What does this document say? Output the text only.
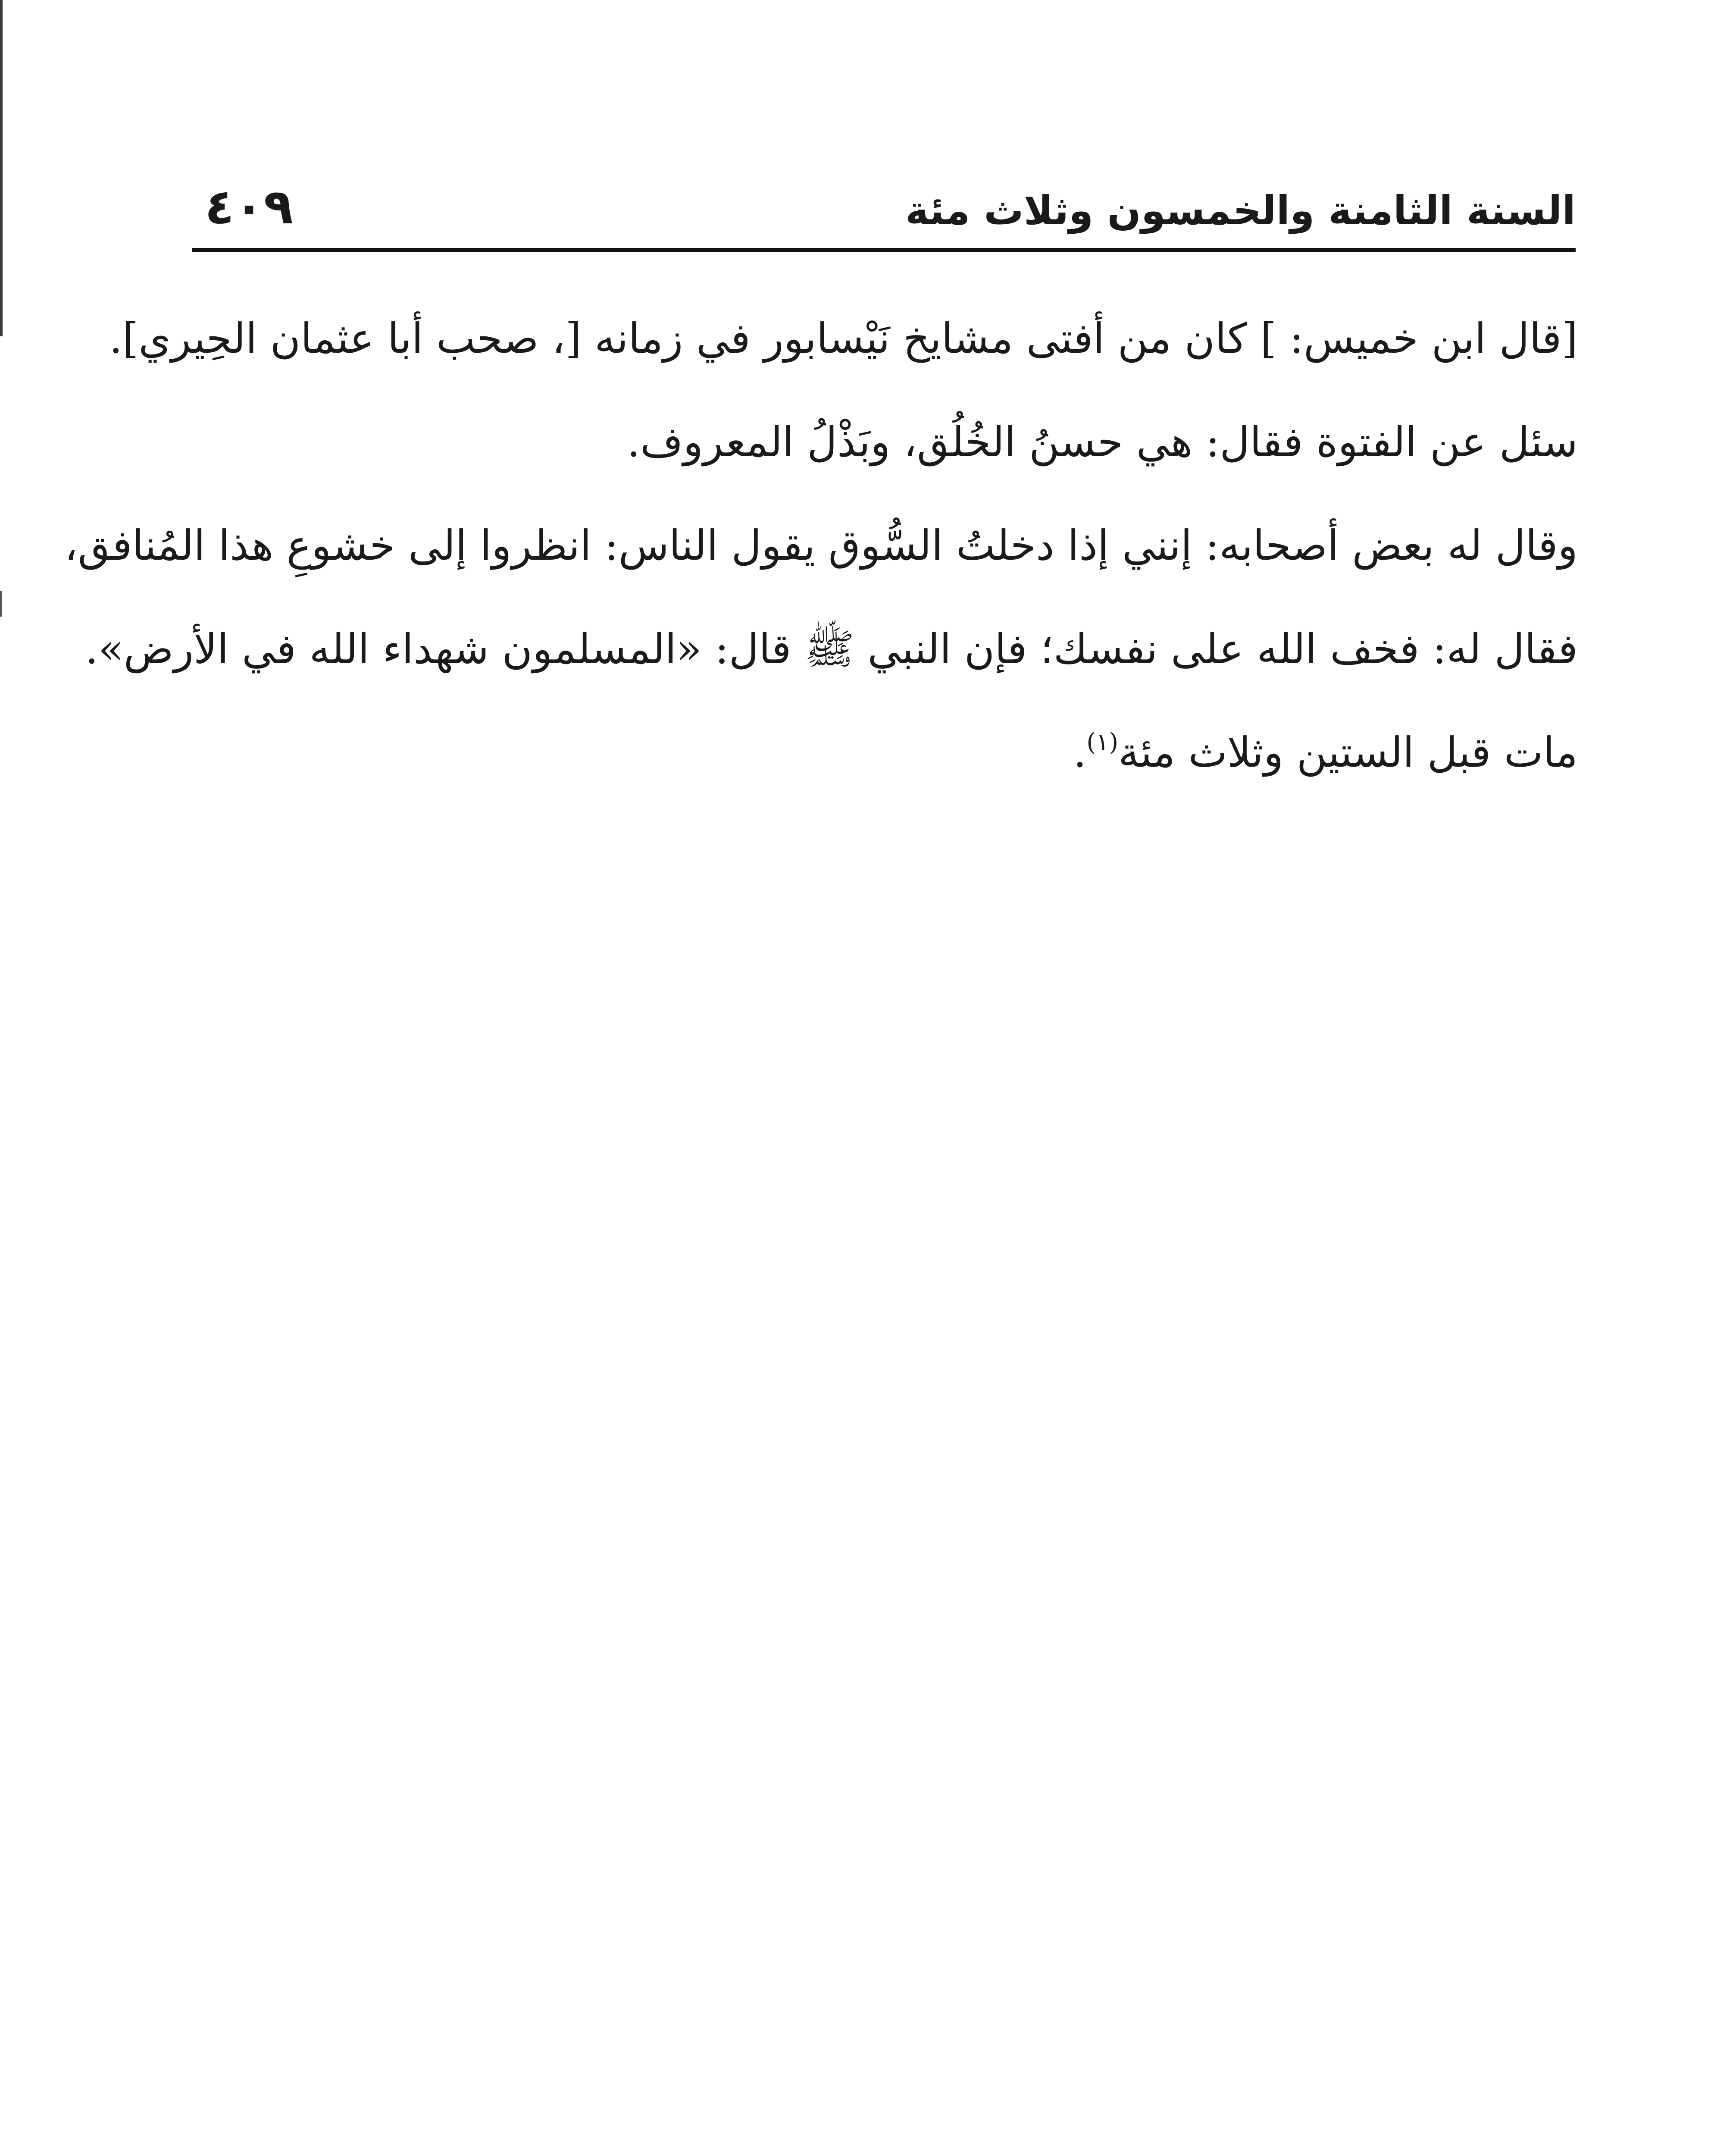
السنة الثامنة والخمسون وثلاث مئة
٤٠٩

[قال ابن خميس: ] كان من أفتى مشايخ نَيْسابور في زمانه [، صحب أبا عثمان الحِيري].

سئل عن الفتوة فقال: هي حسنُ الخُلُق، وبَذْلُ المعروف.

وقال له بعض أصحابه: إنني إذا دخلتُ السُّوق يقول الناس: انظروا إلى خشوعِ هذا المُنافق،

فقال له: فخف الله على نفسك؛ فإن النبي ﷺ قال: «المسلمون شهداء الله في الأرض».

مات قبل الستين وثلاث مئة$^{(١)}$.
